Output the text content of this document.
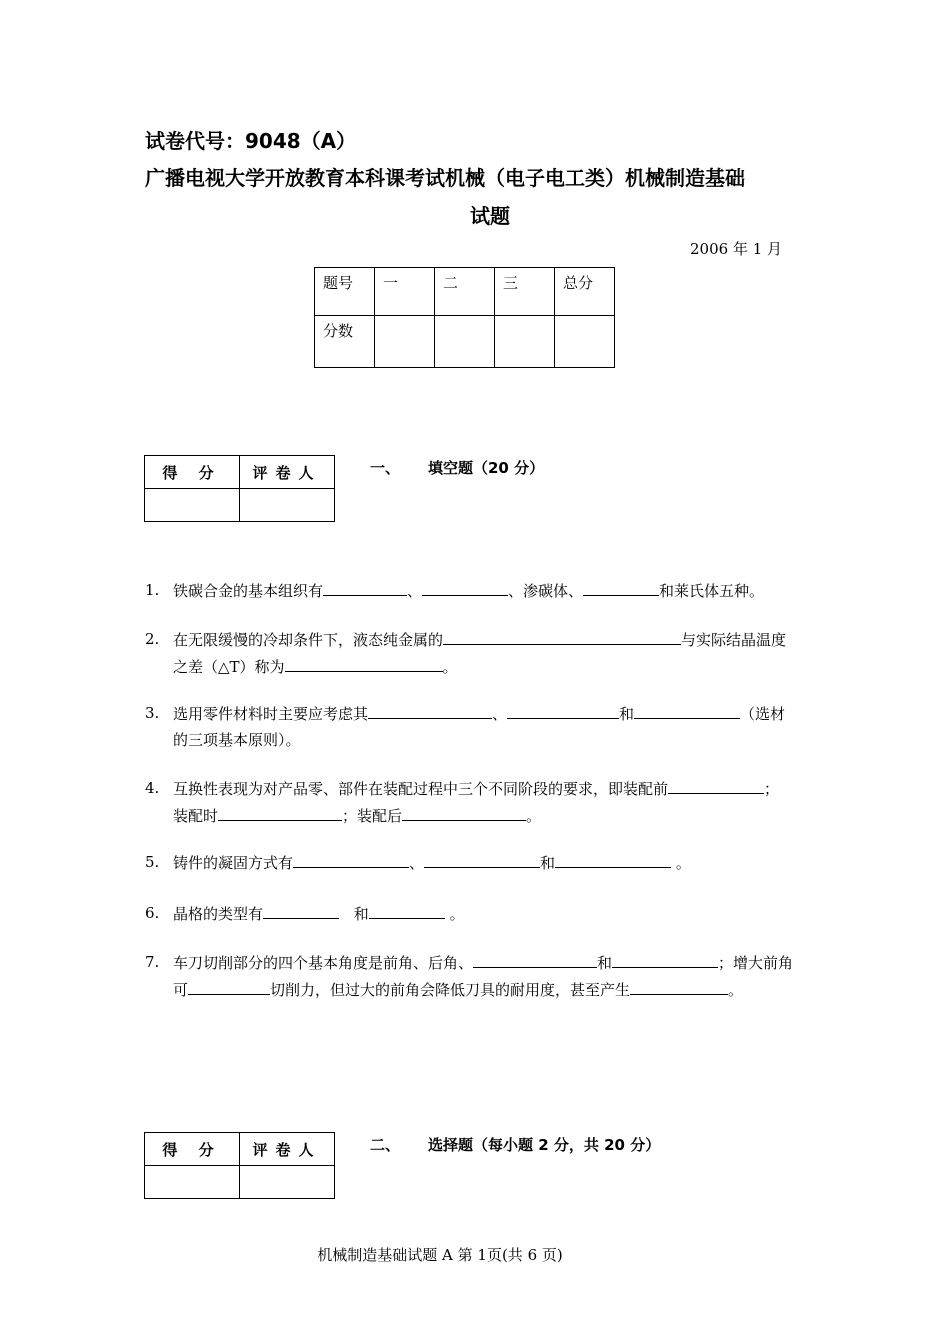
试卷代号：9048（A）
广播电视大学开放教育本科课考试机械（电子电工类）机械制造基础
试题
2006 年 1 月
题号	一	二	三	总分
分数				
得 分	评卷人
		一、 填空题（20 分）
1. 铁碳合金的基本组织有	、	、渗碳体、	和莱氏体五种。
2. 在无限缓慢的冷却条件下，液态纯金属的	与实际结晶温度
之差（△T）称为	。
3. 选用零件材料时主要应考虑其	、	和	（选材
的三项基本原则）。
4. 互换性表现为对产品零、部件在装配过程中三个不同阶段的要求，即装配前	；
装配时	；装配后	。
5. 铸件的凝固方式有	、	和	。
6. 晶格的类型有	和	。
7. 车刀切削部分的四个基本角度是前角、后角、	和	；增大前角
可	切削力，但过大的前角会降低刀具的耐用度，甚至产生	。
得 分	评卷人
		二、 选择题（每小题 2 分，共 20 分）
机械制造基础试题 A 第 1页(共 6 页)
